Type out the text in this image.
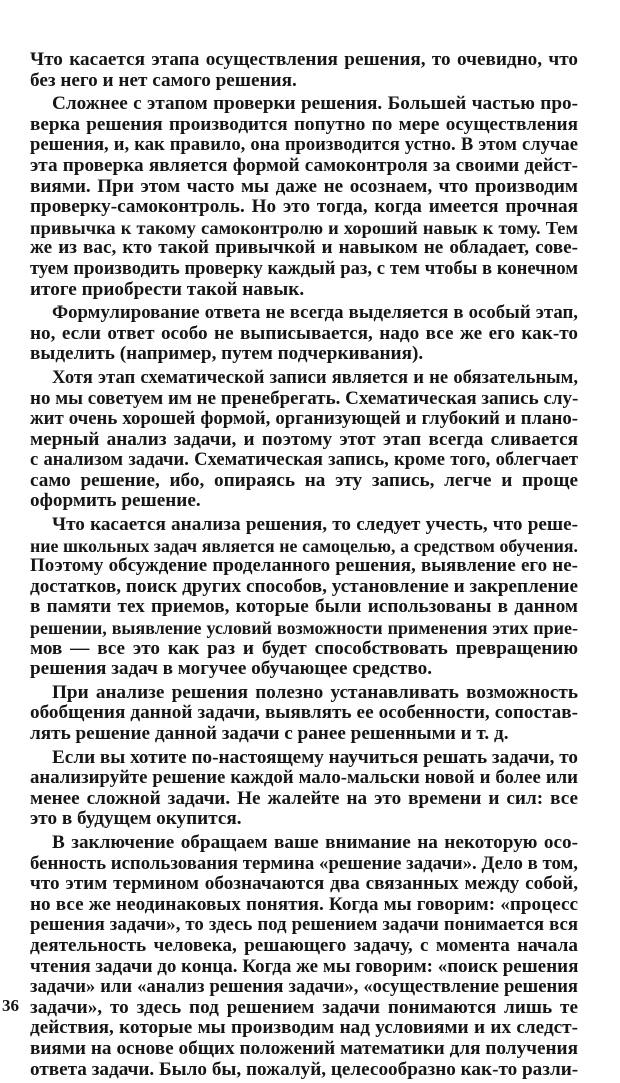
Что касается этапа осуществления решения, то очевидно, что
без него и нет самого решения.
Сложнее с этапом проверки решения. Большей частью про-
верка решения производится попутно по мере осуществления
решения, и, как правило, она производится устно. В этом случае
эта проверка является формой самоконтроля за своими дейст-
виями. При этом часто мы даже не осознаем, что производим
проверку-самоконтроль. Но это тогда, когда имеется прочная
привычка к такому самоконтролю и хороший навык к тому. Тем
же из вас, кто такой привычкой и навыком не обладает, сове-
туем производить проверку каждый раз, с тем чтобы в конечном
итоге приобрести такой навык.
Формулирование ответа не всегда выделяется в особый этап,
но, если ответ особо не выписывается, надо все же его как-то
выделить (например, путем подчеркивания).
Хотя этап схематической записи является и не обязательным,
но мы советуем им не пренебрегать. Схематическая запись слу-
жит очень хорошей формой, организующей и глубокий и плано-
мерный анализ задачи, и поэтому этот этап всегда сливается
с анализом задачи. Схематическая запись, кроме того, облегчает
само решение, ибо, опираясь на эту запись, легче и проще
оформить решение.
Что касается анализа решения, то следует учесть, что реше-
ние школьных задач является не самоцелью, а средством обучения.
Поэтому обсуждение проделанного решения, выявление его не-
достатков, поиск других способов, установление и закрепление
в памяти тех приемов, которые были использованы в данном
решении, выявление условий возможности применения этих прие-
мов — все это как раз и будет способствовать превращению
решения задач в могучее обучающее средство.
При анализе решения полезно устанавливать возможность
обобщения данной задачи, выявлять ее особенности, сопостав-
лять решение данной задачи с ранее решенными и т. д.
Если вы хотите по-настоящему научиться решать задачи, то
анализируйте решение каждой мало-мальски новой и более или
менее сложной задачи. Не жалейте на это времени и сил: все
это в будущем окупится.
В заключение обращаем ваше внимание на некоторую осо-
бенность использования термина «решение задачи». Дело в том,
что этим термином обозначаются два связанных между собой,
но все же неодинаковых понятия. Когда мы говорим: «процесс
решения задачи», то здесь под решением задачи понимается вся
деятельность человека, решающего задачу, с момента начала
чтения задачи до конца. Когда же мы говорим: «поиск решения
задачи» или «анализ решения задачи», «осуществление решения
задачи», то здесь под решением задачи понимаются лишь те
действия, которые мы производим над условиями и их следст-
виями на основе общих положений математики для получения
ответа задачи. Было бы, пожалуй, целесообразно как-то разли-
36
